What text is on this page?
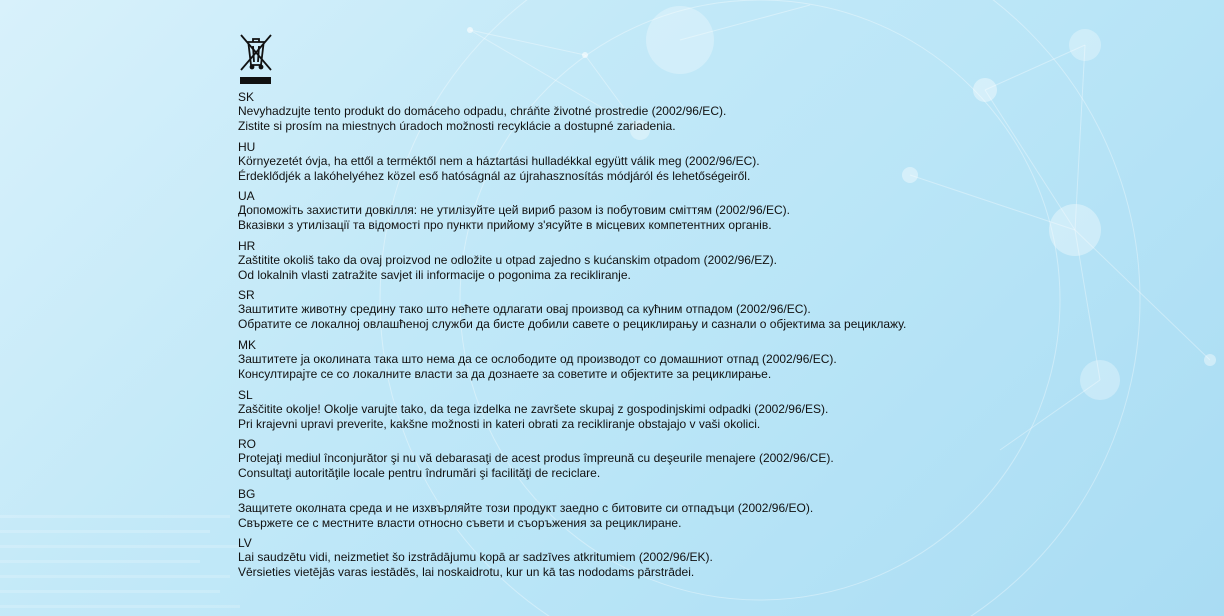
SK

Nevyhadzujte tento produkt do domáceho odpadu, chráňte životné prostredie (2002/96/EC).

Zistite si prosím na miestnych úradoch možnosti recyklácie a dostupné zariadenia.

HU

Környezetét óvja, ha ettől a terméktől nem a háztartási hulladékkal együtt válik meg (2002/96/EC).

Érdeklődjék a lakóhelyéhez közel eső hatóságnál az újrahasznosítás módjáról és lehetőségeiről.

UA

Допоможіть захистити довкілля: не утилізуйте цей вириб разом із побутовим сміттям (2002/96/EC).

Вказівки з утилізації та відомості про пункти прийому з'ясуйте в місцевих компетентних органів.

HR

Zaštitite okoliš tako da ovaj proizvod ne odložite u otpad zajedno s kućanskim otpadom (2002/96/EZ).

Od lokalnih vlasti zatražite savjet ili informacije o pogonima za recikliranje.

SR

Заштитите животну средину тако што нећете одлагати овај производ са кућним отпадом (2002/96/EC).

Обратите се локалној овлашћеној служби да бисте добили савете о рециклирању и сазнали о објектима за рециклажу.

MK

Заштитете ја околината така што нема да се ослободите од производот со домашниот отпад (2002/96/EC).

Консултирајте се со локалните власти за да дознаете за советите и објектите за рециклирање.

SL

Zaščitite okolje! Okolje varujte tako, da tega izdelka ne završete skupaj z gospodinjskimi odpadki (2002/96/ES).

Pri krajevni upravi preverite, kakšne možnosti in kateri obrati za recikliranje obstajajo v vaši okolici.

RO

Protejaţi mediul înconjurător şi nu vă debarasaţi de acest produs împreună cu deşeurile menajere (2002/96/CE).

Consultaţi autorităţile locale pentru îndrumări şi facilităţi de reciclare.

BG

Защитете околната среда и не изхвърляйте този продукт заедно с битовите си отпадъци (2002/96/ЕО).

Свържете се с местните власти относно съвети и съоръжения за рециклиране.

LV

Lai saudzētu vidi, neizmetiet šo izstrādājumu kopā ar sadzīves atkritumiem (2002/96/EK).

Vērsieties vietējās varas iestādēs, lai noskaidrotu, kur un kā tas nododams pārstrādei.
